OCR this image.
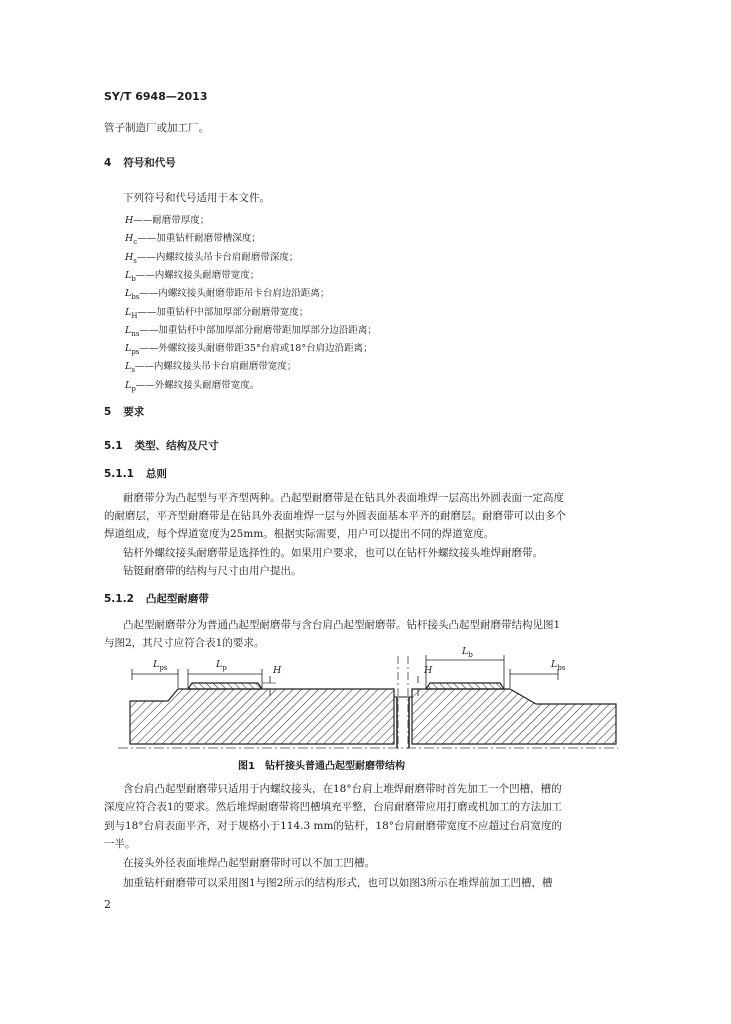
SY/T 6948—2013
管子制造厂或加工厂。
4 符号和代号
下列符号和代号适用于本文件。
H——耐磨带厚度；
$H_c——$加重钻杆耐磨带槽深度；
$H_s——$内螺纹接头吊卡台肩耐磨带深度；
$L_b——$内螺纹接头耐磨带宽度；
$L_{bs}——$内螺纹接头耐磨带距吊卡台肩边沿距离；
$L_H——$加重钻杆中部加厚部分耐磨带宽度；
$L_{ns}——$加重钻杆中部加厚部分耐磨带距加厚部分边沿距离；
$L_{ps}——$外螺纹接头耐磨带距35°台肩或18°台肩边沿距离；
$L_s——$内螺纹接头吊卡台肩耐磨带宽度；
$L_p——$外螺纹接头耐磨带宽度。
5 要求
5.1 类型、结构及尺寸
5.1.1 总则
耐磨带分为凸起型与平齐型两种。凸起型耐磨带是在钻具外表面堆焊一层高出外圆表面一定高度
的耐磨层，平齐型耐磨带是在钻具外表面堆焊一层与外圆表面基本平齐的耐磨层。耐磨带可以由多个
焊道组成，每个焊道宽度为25mm。根据实际需要，用户可以提出不同的焊道宽度。
钻杆外螺纹接头耐磨带是选择性的。如果用户要求，也可以在钻杆外螺纹接头堆焊耐磨带。
钻铤耐磨带的结构与尺寸由用户提出。
5.1.2 凸起型耐磨带
凸起型耐磨带分为普通凸起型耐磨带与含台肩凸起型耐磨带。钻杆接头凸起型耐磨带结构见图1
与图2，其尺寸应符合表1的要求。
$L_{ps}$	$L_p$	H	H
$L_b$
$L_{bs}$
图1　钻杆接头普通凸起型耐磨带结构
含台肩凸起型耐磨带只适用于内螺纹接头，在18°台肩上堆焊耐磨带时首先加工一个凹槽，槽的
深度应符合表1的要求。然后堆焊耐磨带将凹槽填充平整，台肩耐磨带应用打磨或机加工的方法加工
到与18°台肩表面平齐，对于规格小于114.3 mm的钻杆，18°台肩耐磨带宽度不应超过台肩宽度的
一半。
在接头外径表面堆焊凸起型耐磨带时可以不加工凹槽。
加重钻杆耐磨带可以采用图1与图2所示的结构形式，也可以如图3所示在堆焊前加工凹槽，槽
2
